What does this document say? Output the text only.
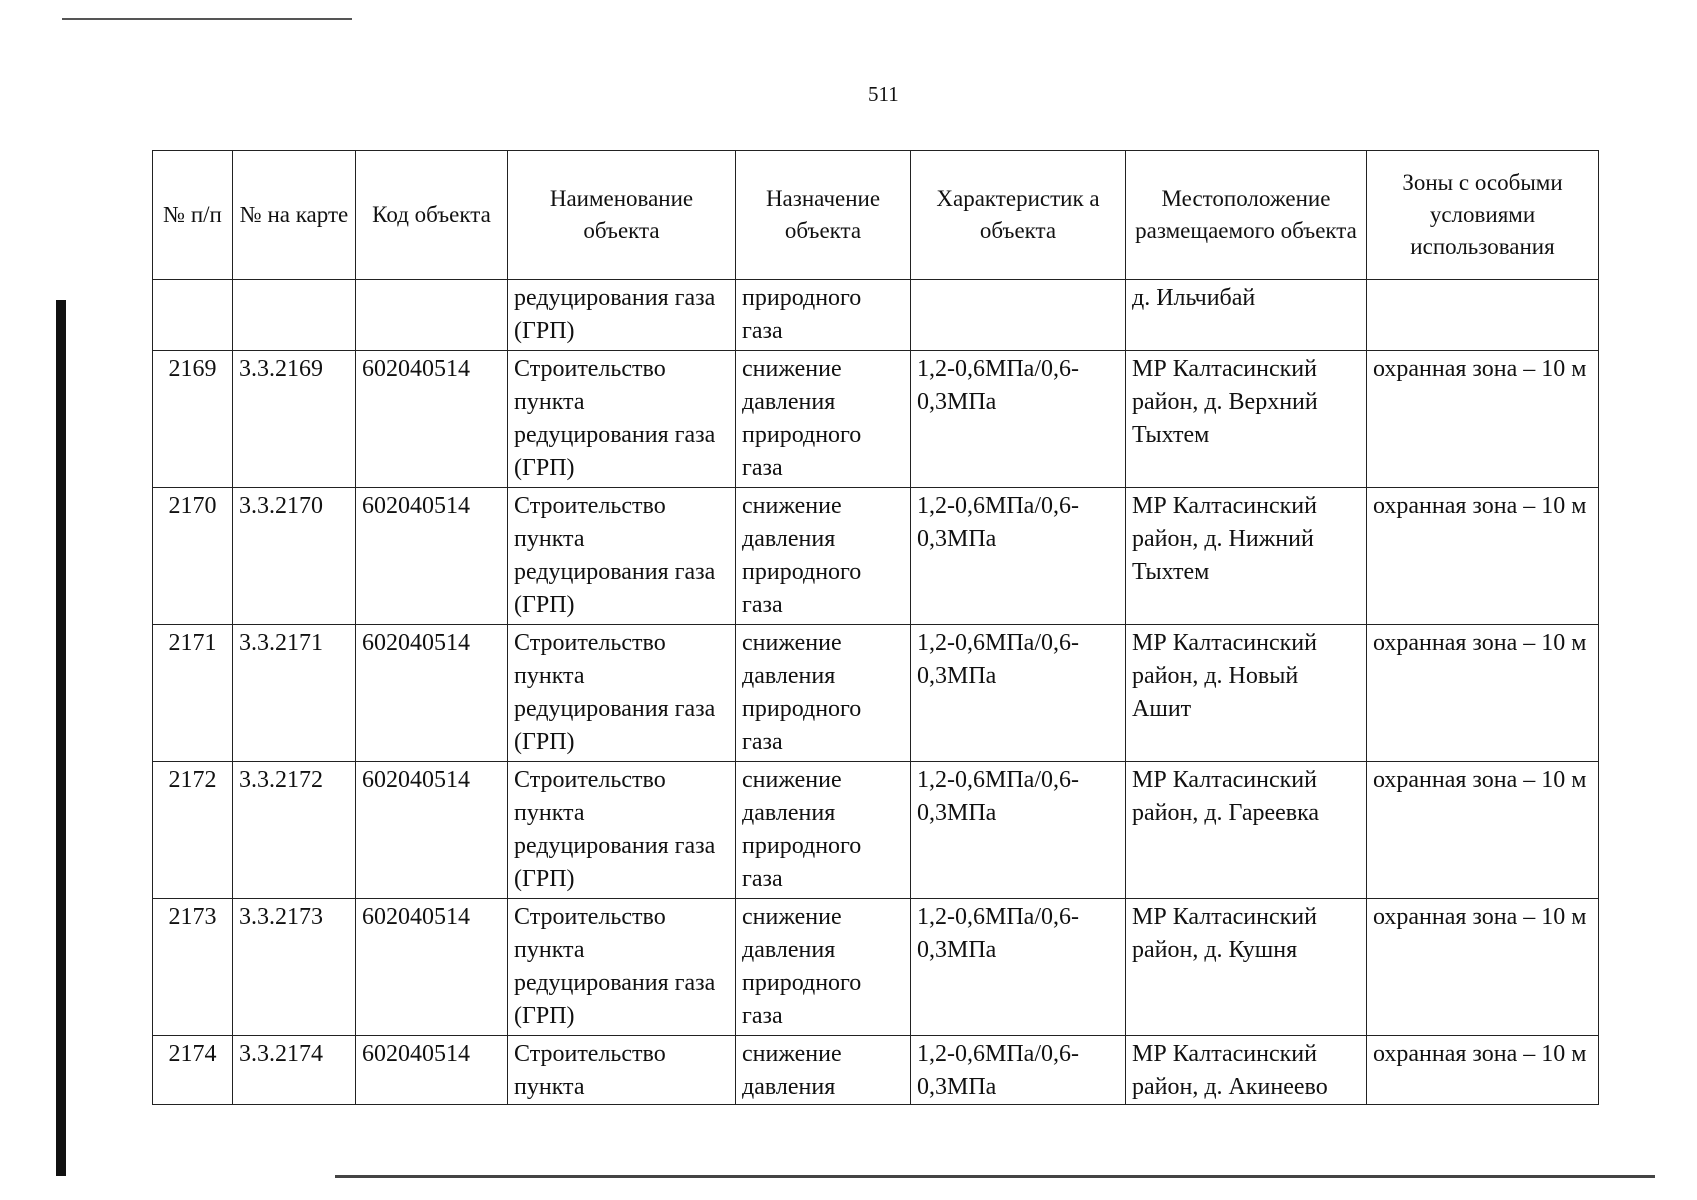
511
№ п/п	№ на карте	Код объекта	Наименование объекта	Назначение объекта	Характеристик а объекта	Местоположение размещаемого объекта	Зоны с особыми условиями использования
			редуцирования газа (ГРП)	природного газа		д. Ильчибай	
2169	3.3.2169	602040514	Строительство пункта редуцирования газа (ГРП)	снижение давления природного газа	1,2-0,6МПа/0,6-0,3МПа	МР Калтасинский район, д. Верхний Тыхтем	охранная зона – 10 м
2170	3.3.2170	602040514	Строительство пункта редуцирования газа (ГРП)	снижение давления природного газа	1,2-0,6МПа/0,6-0,3МПа	МР Калтасинский район, д. Нижний Тыхтем	охранная зона – 10 м
2171	3.3.2171	602040514	Строительство пункта редуцирования газа (ГРП)	снижение давления природного газа	1,2-0,6МПа/0,6-0,3МПа	МР Калтасинский район, д. Новый Ашит	охранная зона – 10 м
2172	3.3.2172	602040514	Строительство пункта редуцирования газа (ГРП)	снижение давления природного газа	1,2-0,6МПа/0,6-0,3МПа	МР Калтасинский район, д. Гареевка	охранная зона – 10 м
2173	3.3.2173	602040514	Строительство пункта редуцирования газа (ГРП)	снижение давления природного газа	1,2-0,6МПа/0,6-0,3МПа	МР Калтасинский район, д. Кушня	охранная зона – 10 м
2174	3.3.2174	602040514	Строительство пункта	снижение давления	1,2-0,6МПа/0,6-0,3МПа	МР Калтасинский район, д. Акинеево	охранная зона – 10 м
